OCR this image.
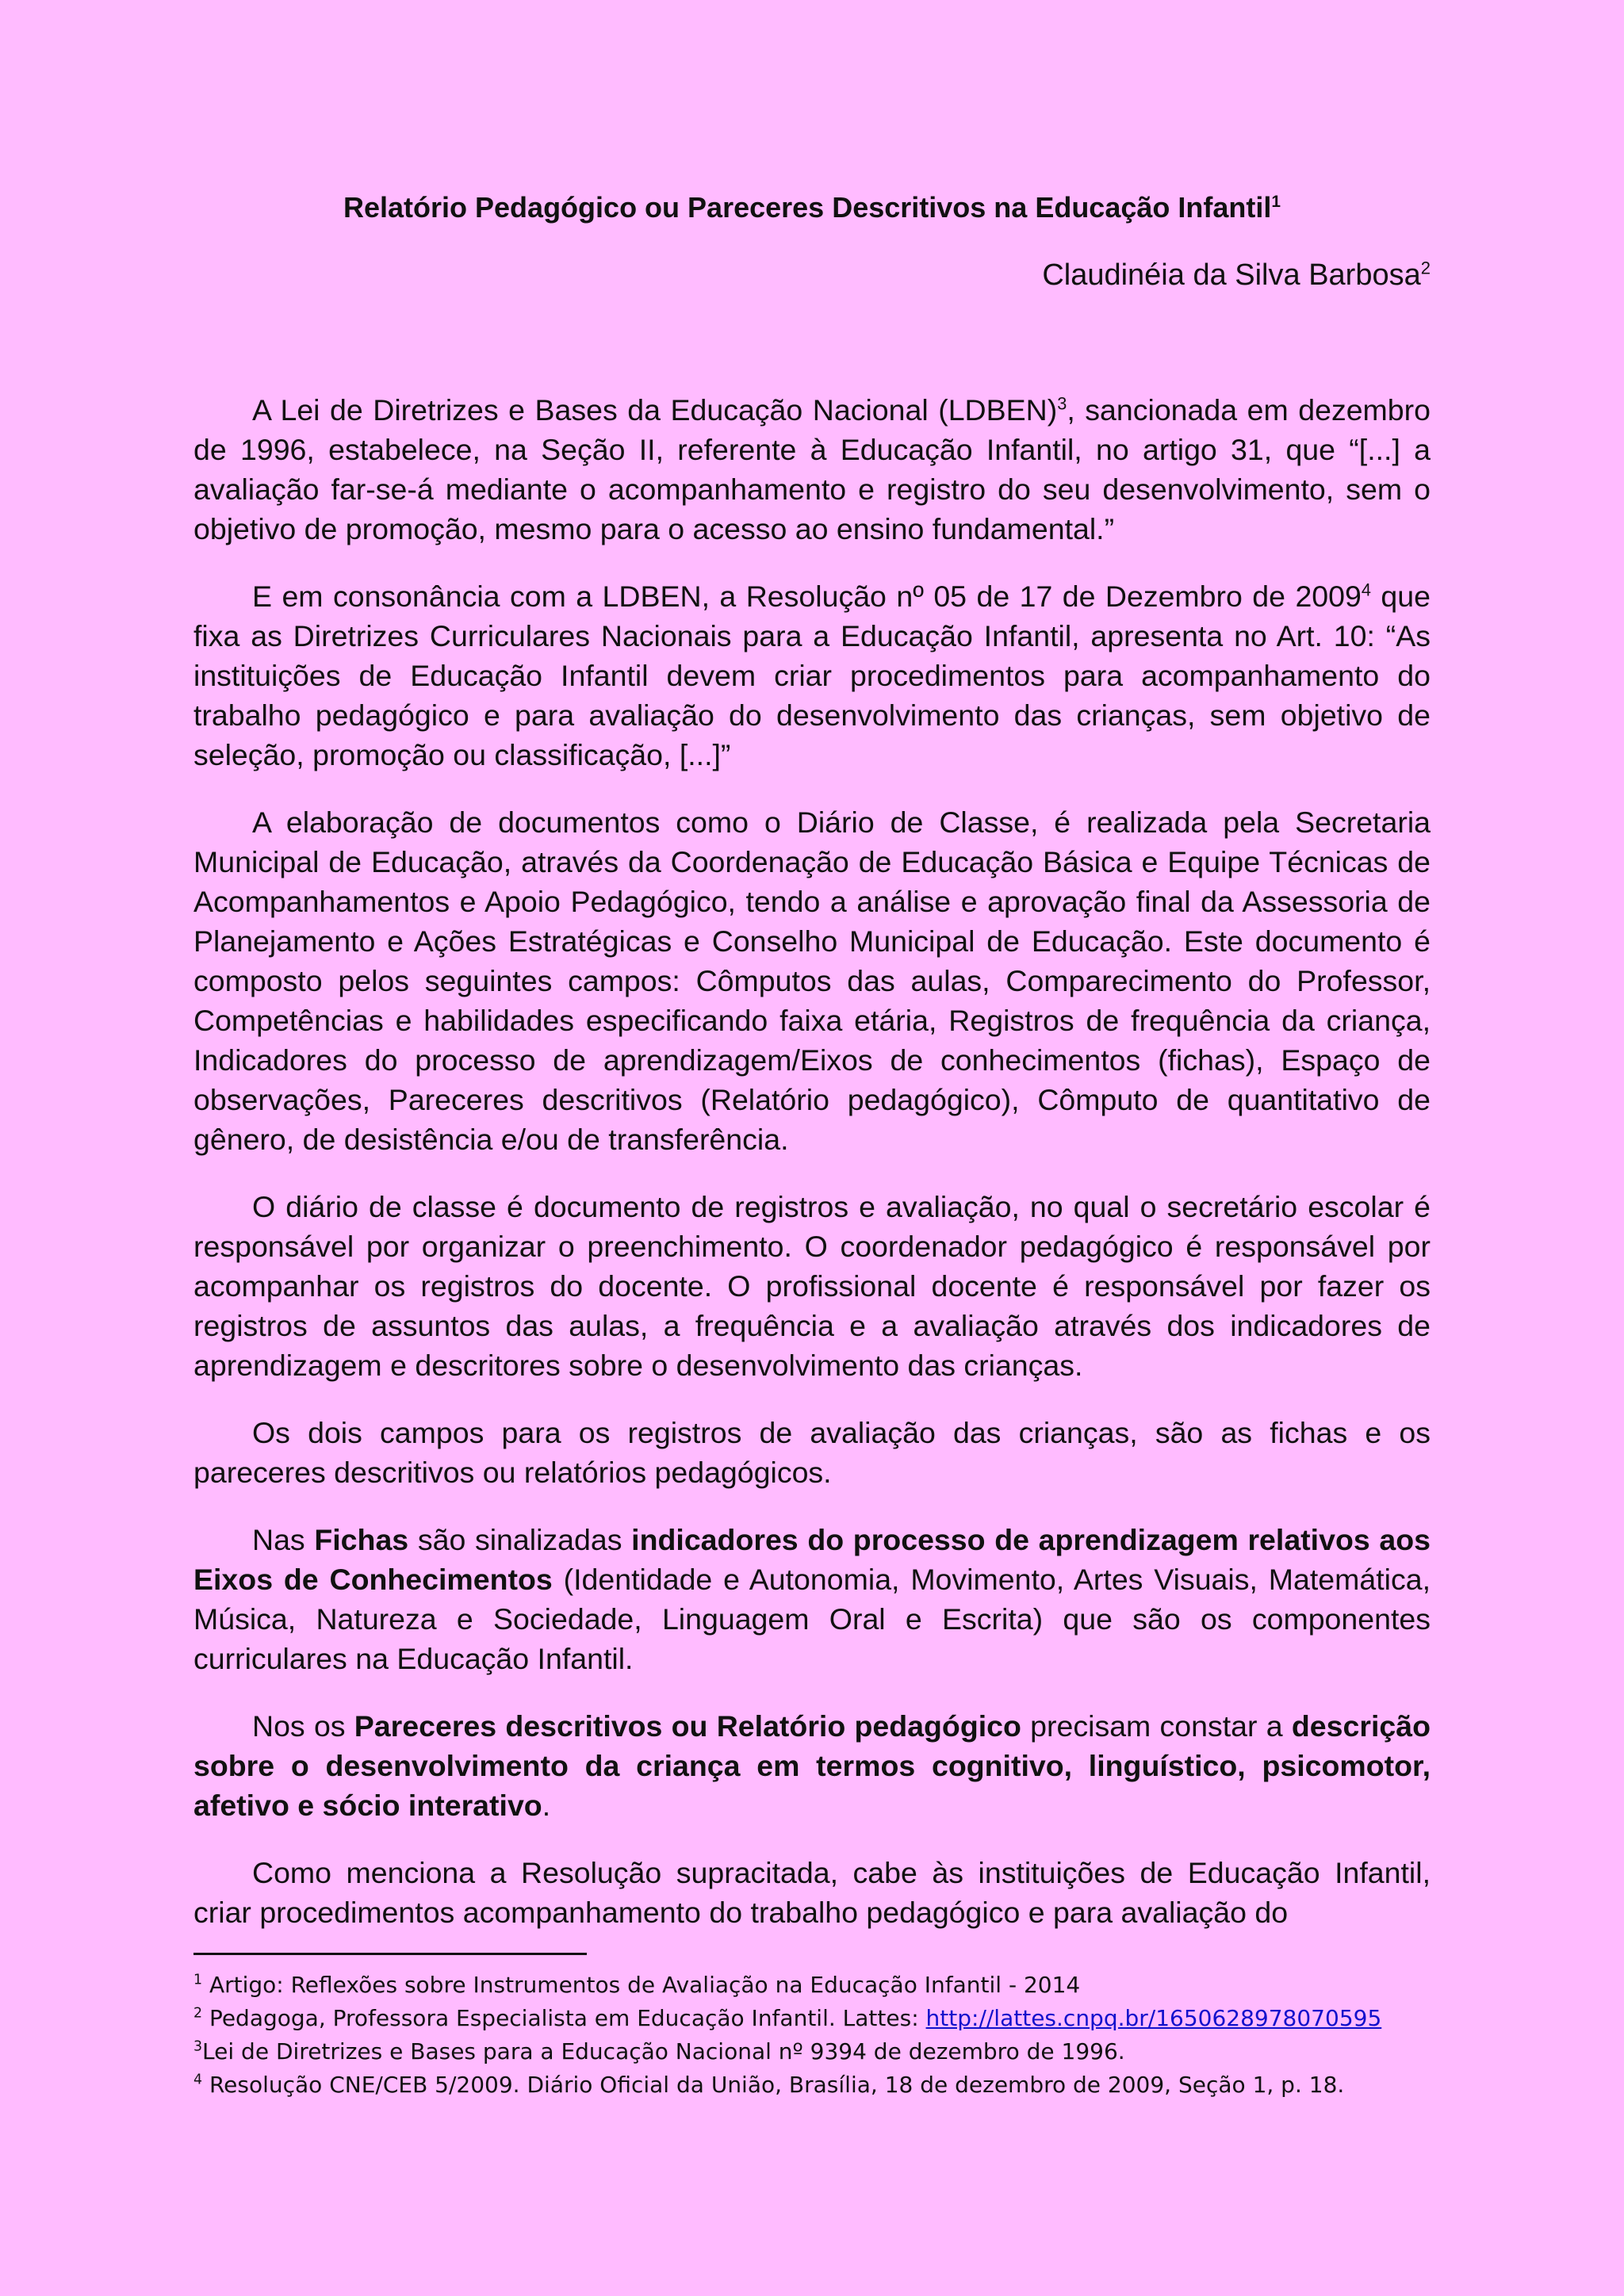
Relatório Pedagógico ou Pareceres Descritivos na Educação Infantil$^1$
Claudinéia da Silva Barbosa$^2$

A Lei de Diretrizes e Bases da Educação Nacional (LDBEN)$^3$, sancionada em dezembro de 1996, estabelece, na Seção II, referente à Educação Infantil, no artigo 31, que “[...] a avaliação far-se-á mediante o acompanhamento e registro do seu desenvolvimento, sem o objetivo de promoção, mesmo para o acesso ao ensino fundamental.”

E em consonância com a LDBEN, a Resolução nº 05 de 17 de Dezembro de 2009$^4$ que fixa as Diretrizes Curriculares Nacionais para a Educação Infantil, apresenta no Art. 10: “As instituições de Educação Infantil devem criar procedimentos para acompanhamento do trabalho pedagógico e para avaliação do desenvolvimento das crianças, sem objetivo de seleção, promoção ou classificação, [...]”

A elaboração de documentos como o Diário de Classe, é realizada pela Secretaria Municipal de Educação, através da Coordenação de Educação Básica e Equipe Técnicas de Acompanhamentos e Apoio Pedagógico, tendo a análise e aprovação final da Assessoria de Planejamento e Ações Estratégicas e Conselho Municipal de Educação. Este documento é composto pelos seguintes campos: Cômputos das aulas, Comparecimento do Professor, Competências e habilidades especificando faixa etária, Registros de frequência da criança, Indicadores do processo de aprendizagem/Eixos de conhecimentos (fichas), Espaço de observações, Pareceres descritivos (Relatório pedagógico), Cômputo de quantitativo de gênero, de desistência e/ou de transferência.

O diário de classe é documento de registros e avaliação, no qual o secretário escolar é responsável por organizar o preenchimento. O coordenador pedagógico é responsável por acompanhar os registros do docente. O profissional docente é responsável por fazer os registros de assuntos das aulas, a frequência e a avaliação através dos indicadores de aprendizagem e descritores sobre o desenvolvimento das crianças.

Os dois campos para os registros de avaliação das crianças, são as fichas e os pareceres descritivos ou relatórios pedagógicos.

Nas Fichas são sinalizadas indicadores do processo de aprendizagem relativos aos Eixos de Conhecimentos (Identidade e Autonomia, Movimento, Artes Visuais, Matemática, Música, Natureza e Sociedade, Linguagem Oral e Escrita) que são os componentes curriculares na Educação Infantil.

Nos os Pareceres descritivos ou Relatório pedagógico precisam constar a descrição sobre o desenvolvimento da criança em termos cognitivo, linguístico, psicomotor, afetivo e sócio interativo.

Como menciona a Resolução supracitada, cabe às instituições de Educação Infantil, criar procedimentos acompanhamento do trabalho pedagógico e para avaliação do

$^1$ Artigo: Reflexões sobre Instrumentos de Avaliação na Educação Infantil - 2014

$^2$ Pedagoga, Professora Especialista em Educação Infantil. Lattes: http://lattes.cnpq.br/1650628978070595

$^3$Lei de Diretrizes e Bases para a Educação Nacional nº 9394 de dezembro de 1996.

$^4$ Resolução CNE/CEB 5/2009. Diário Oficial da União, Brasília, 18 de dezembro de 2009, Seção 1, p. 18.
